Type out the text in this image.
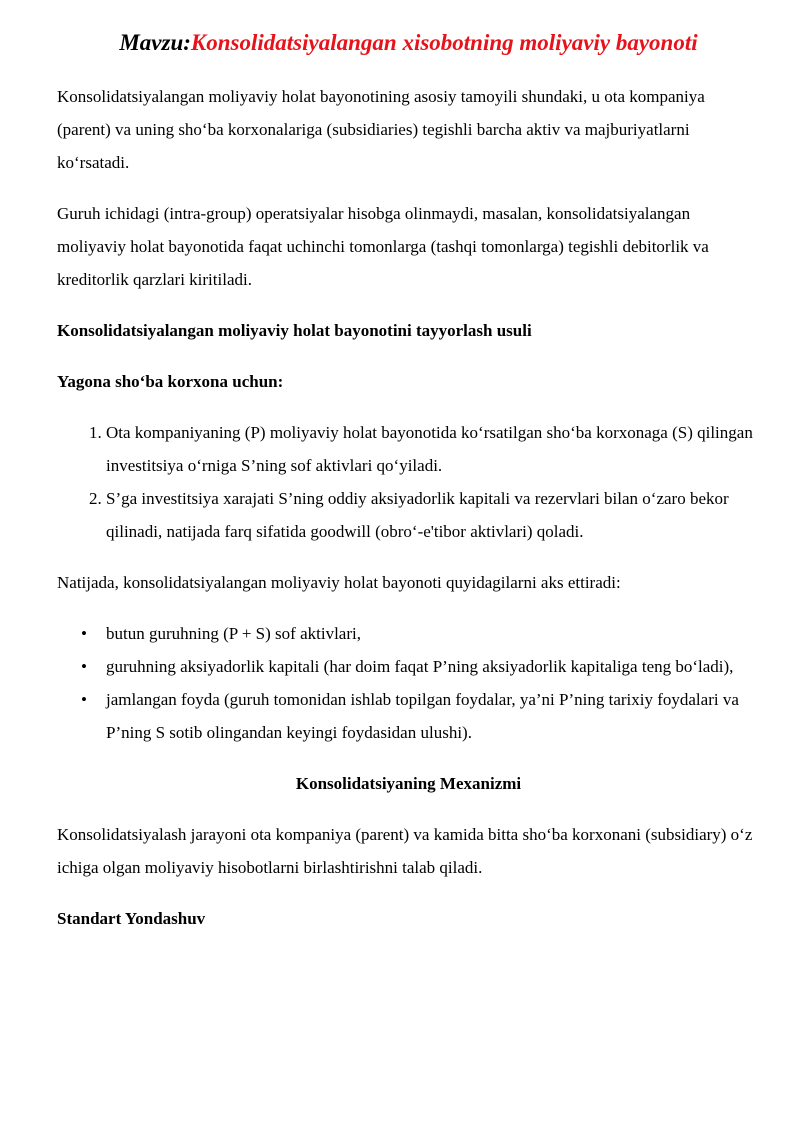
Mavzu:Konsolidatsiyalangan xisobotning moliyaviy bayonoti

Konsolidatsiyalangan moliyaviy holat bayonotining asosiy tamoyili shundaki, u ota kompaniya (parent) va uning sho‘ba korxonalariga (subsidiaries) tegishli barcha aktiv va majburiyatlarni ko‘rsatadi.

Guruh ichidagi (intra-group) operatsiyalar hisobga olinmaydi, masalan, konsolidatsiyalangan moliyaviy holat bayonotida faqat uchinchi tomonlarga (tashqi tomonlarga) tegishli debitorlik va kreditorlik qarzlari kiritiladi.

Konsolidatsiyalangan moliyaviy holat bayonotini tayyorlash usuli
Yagona sho‘ba korxona uchun:
1. Ota kompaniyaning (P) moliyaviy holat bayonotida ko‘rsatilgan sho‘ba korxonaga (S) qilingan investitsiya o‘rniga S’ning sof aktivlari qo‘yiladi.
2. S’ga investitsiya xarajati S’ning oddiy aksiyadorlik kapitali va rezervlari bilan o‘zaro bekor qilinadi, natijada farq sifatida goodwill (obro‘-e'tibor aktivlari) qoladi.

Natijada, konsolidatsiyalangan moliyaviy holat bayonoti quyidagilarni aks ettiradi:

• butun guruhning (P + S) sof aktivlari,
• guruhning aksiyadorlik kapitali (har doim faqat P’ning aksiyadorlik kapitaliga teng bo‘ladi),
• jamlangan foyda (guruh tomonidan ishlab topilgan foydalar, ya’ni P’ning tarixiy foydalari va P’ning S sotib olingandan keyingi foydasidan ulushi).
Konsolidatsiyaning Mexanizmi

Konsolidatsiyalash jarayoni ota kompaniya (parent) va kamida bitta sho‘ba korxonani (subsidiary) o‘z ichiga olgan moliyaviy hisobotlarni birlashtirishni talab qiladi.

Standart Yondashuv
